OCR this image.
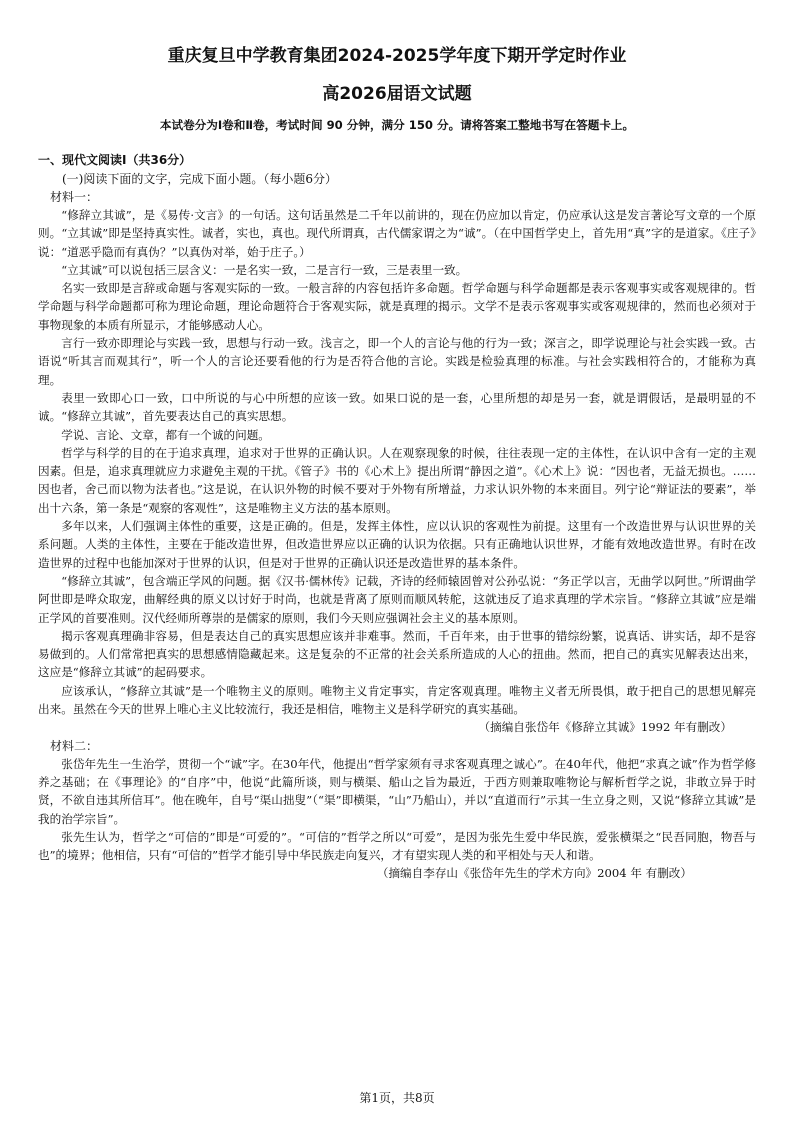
重庆复旦中学教育集团2024-2025学年度下期开学定时作业
高2026届语文试题

本试卷分为Ⅰ卷和Ⅱ卷，考试时间 90 分钟，满分 150 分。请将答案工整地书写在答题卡上。

一、现代文阅读Ⅰ（共36分）

(一)阅读下面的文字，完成下面小题。（每小题6分）

材料一：

“修辞立其诚”，是《易传·文言》的一句话。这句话虽然是二千年以前讲的，现在仍应加以肯定，仍应承认这是发言著论写文章的一个原则。“立其诚”即是坚持真实性。诚者，实也，真也。现代所谓真，古代儒家谓之为“诚”。（在中国哲学史上，首先用“真”字的是道家。《庄子》说：“道恶乎隐而有真伪？”以真伪对举，始于庄子。）

“立其诚”可以说包括三层含义：一是名实一致，二是言行一致，三是表里一致。

名实一致即是言辞或命题与客观实际的一致。一般言辞的内容包括许多命题。哲学命题与科学命题都是表示客观事实或客观规律的。哲学命题与科学命题都可称为理论命题，理论命题符合于客观实际，就是真理的揭示。文学不是表示客观事实或客观规律的，然而也必须对于事物现象的本质有所显示，才能够感动人心。

言行一致亦即理论与实践一致，思想与行动一致。浅言之，即一个人的言论与他的行为一致；深言之，即学说理论与社会实践一致。古语说“听其言而观其行”，听一个人的言论还要看他的行为是否符合他的言论。实践是检验真理的标准。与社会实践相符合的，才能称为真理。

表里一致即心口一致，口中所说的与心中所想的应该一致。如果口说的是一套，心里所想的却是另一套，就是谓假话，是最明显的不诚。“修辞立其诚”，首先要表达自己的真实思想。

学说、言论、文章，都有一个诚的问题。

哲学与科学的目的在于追求真理，追求对于世界的正确认识。人在观察现象的时候，往往表现一定的主体性，在认识中含有一定的主观因素。但是，追求真理就应力求避免主观的干扰。《管子》书的《心术上》提出所谓“静因之道”。《心术上》说：“因也者，无益无损也。……因也者，舍己而以物为法者也。”这是说，在认识外物的时候不要对于外物有所增益，力求认识外物的本来面目。列宁论“辩证法的要素”，举出十六条，第一条是“观察的客观性”，这是唯物主义方法的基本原则。

多年以来，人们强调主体性的重要，这是正确的。但是，发挥主体性，应以认识的客观性为前提。这里有一个改造世界与认识世界的关系问题。人类的主体性，主要在于能改造世界，但改造世界应以正确的认识为依据。只有正确地认识世界，才能有效地改造世界。有时在改造世界的过程中也能加深对于世界的认识，但是对于世界的正确认识还是改造世界的基本条件。

“修辞立其诚”，包含端正学风的问题。据《汉书·儒林传》记载，齐诗的经师辕固曾对公孙弘说：“务正学以言，无曲学以阿世。”所谓曲学阿世即是哗众取宠，曲解经典的原义以讨好于时尚，也就是背离了原则而顺风转舵，这就违反了追求真理的学术宗旨。“修辞立其诚”应是端正学风的首要准则。汉代经师所尊崇的是儒家的原则，我们今天则应强调社会主义的基本原则。

揭示客观真理确非容易，但是表达自己的真实思想应该并非难事。然而，千百年来，由于世事的错综纷繁，说真话、讲实话，却不是容易做到的。人们常常把真实的思想感情隐藏起来。这是复杂的不正常的社会关系所造成的人心的扭曲。然而，把自己的真实见解表达出来，这应是“修辞立其诚”的起码要求。

应该承认，“修辞立其诚”是一个唯物主义的原则。唯物主义肯定事实，肯定客观真理。唯物主义者无所畏惧，敢于把自己的思想见解亮出来。虽然在今天的世界上唯心主义比较流行，我还是相信，唯物主义是科学研究的真实基础。

（摘编自张岱年《修辞立其诚》1992 年有删改）

材料二：

张岱年先生一生治学，贯彻一个“诚”字。在30年代，他提出“哲学家须有寻求客观真理之诚心”。在40年代，他把“求真之诚”作为哲学修养之基础；在《事理论》的“自序”中，他说“此篇所谈，则与横渠、船山之旨为最近，于西方则兼取唯物论与解析哲学之说，非敢立异于时贤，不欲自违其所信耳”。他在晚年，自号“渠山拙叟”（“渠”即横渠，“山”乃船山），并以“直道而行”示其一生立身之则，又说“修辞立其诚”是我的治学宗旨”。

张先生认为，哲学之“可信的”即是“可爱的”。“可信的”哲学之所以“可爱”，是因为张先生爱中华民族，爱张横渠之“民吾同胞，物吾与也”的境界；他相信，只有“可信的”哲学才能引导中华民族走向复兴，才有望实现人类的和平相处与天人和谐。

（摘编自李存山《张岱年先生的学术方向》2004 年 有删改）

第1页，共8页
